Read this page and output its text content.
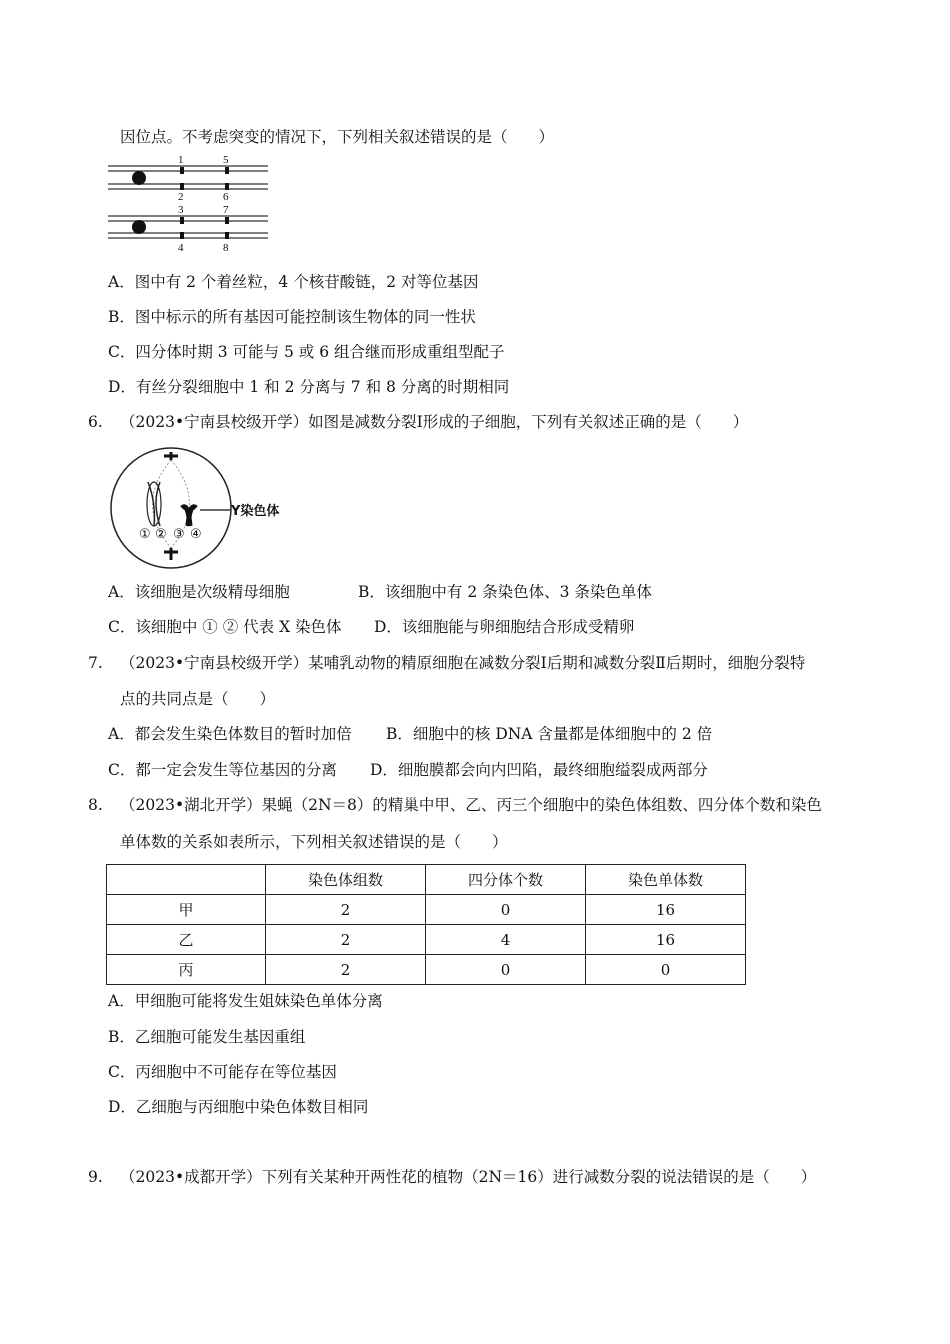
因位点。不考虑突变的情况下，下列相关叙述错误的是（　　）
1
2
3
4
5
6
7
8
A．图中有 2 个着丝粒，4 个核苷酸链，2 对等位基因
B．图中标示的所有基因可能控制该生物体的同一性状
C．四分体时期 3 可能与 5 或 6 组合继而形成重组型配子
D．有丝分裂细胞中 1 和 2 分离与 7 和 8 分离的时期相同
6. （2023•宁南县校级开学）如图是减数分裂Ⅰ形成的子细胞，下列有关叙述正确的是（　　）
Y染色体
① ② ③ ④
A．该细胞是次级精母细胞	B．该细胞中有 2 条染色体、3 条染色单体
C．该细胞中 ① ② 代表 X 染色体 D．该细胞能与卵细胞结合形成受精卵
7. （2023•宁南县校级开学）某哺乳动物的精原细胞在减数分裂Ⅰ后期和减数分裂Ⅱ后期时，细胞分裂特
点的共同点是（　　）
A．都会发生染色体数目的暂时加倍 B．细胞中的核 DNA 含量都是体细胞中的 2 倍
C．都一定会发生等位基因的分离 D．细胞膜都会向内凹陷，最终细胞缢裂成两部分
8. （2023•湖北开学）果蝇（2N＝8）的精巢中甲、乙、丙三个细胞中的染色体组数、四分体个数和染色
单体数的关系如表所示，下列相关叙述错误的是（　　）
	染色体组数	四分体个数	染色单体数
甲	2	0	16
乙	2	4	16
丙	2	0	0
A．甲细胞可能将发生姐妹染色单体分离
B．乙细胞可能发生基因重组
C．丙细胞中不可能存在等位基因
D．乙细胞与丙细胞中染色体数目相同
9. （2023•成都开学）下列有关某种开两性花的植物（2N＝16）进行减数分裂的说法错误的是（　　）
